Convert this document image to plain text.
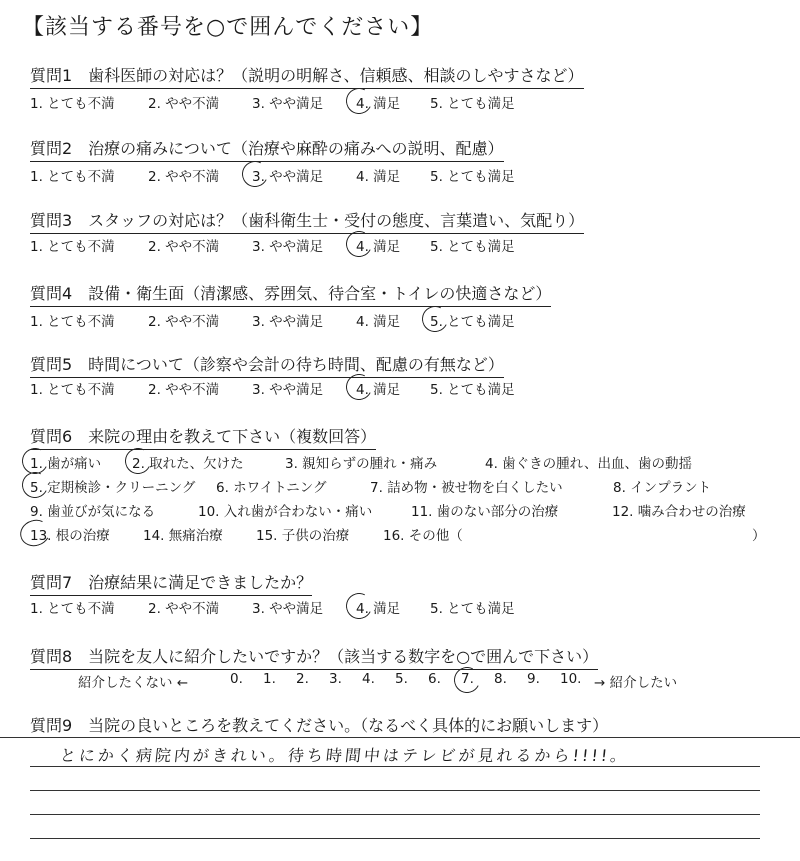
【該当する番号を○で囲んでください】
質問1　歯科医師の対応は？（説明の明解さ、信頼感、相談のしやすさなど）
1. とても不満 2. やや不満 3. やや満足 4. 満足 5. とても満足
質問2　治療の痛みについて（治療や麻酔の痛みへの説明、配慮）
1. とても不満 2. やや不満 3. やや満足 4. 満足 5. とても満足
質問3　スタッフの対応は？（歯科衛生士・受付の態度、言葉遣い、気配り）
1. とても不満 2. やや不満 3. やや満足 4. 満足 5. とても満足
質問4　設備・衛生面（清潔感、雰囲気、待合室・トイレの快適さなど）
1. とても不満 2. やや不満 3. やや満足 4. 満足 5. とても満足
質問5　時間について（診察や会計の待ち時間、配慮の有無など）
1. とても不満 2. やや不満 3. やや満足 4. 満足 5. とても満足
質問6　来院の理由を教えて下さい（複数回答）
1. 歯が痛い 2. 取れた、欠けた	3. 親知らずの腫れ・痛み	4. 歯ぐきの腫れ、出血、歯の動揺
5. 定期検診・クリーニング 6. ホワイトニング	7. 詰め物・被せ物を白くしたい	8. インプラント
9. 歯並びが気になる	10. 入れ歯が合わない・痛い	11. 歯のない部分の治療	12. 噛み合わせの治療
13. 根の治療 14. 無痛治療 15. 子供の治療 16. その他（	）
質問7　治療結果に満足できましたか？
1. とても不満 2. やや不満 3. やや満足 4. 満足 5. とても満足
質問8　当院を友人に紹介したいですか？（該当する数字を○で囲んで下さい）
紹介したくない ←	0. 1. 2. 3. 4. 5. 6. 7. 8. 9. 10. → 紹介したい
質問9　当院の良いところを教えてください。（なるべく具体的にお願いします）
とにかく病院内がきれい。待ち時間中はテレビが見れるから!!!!。
